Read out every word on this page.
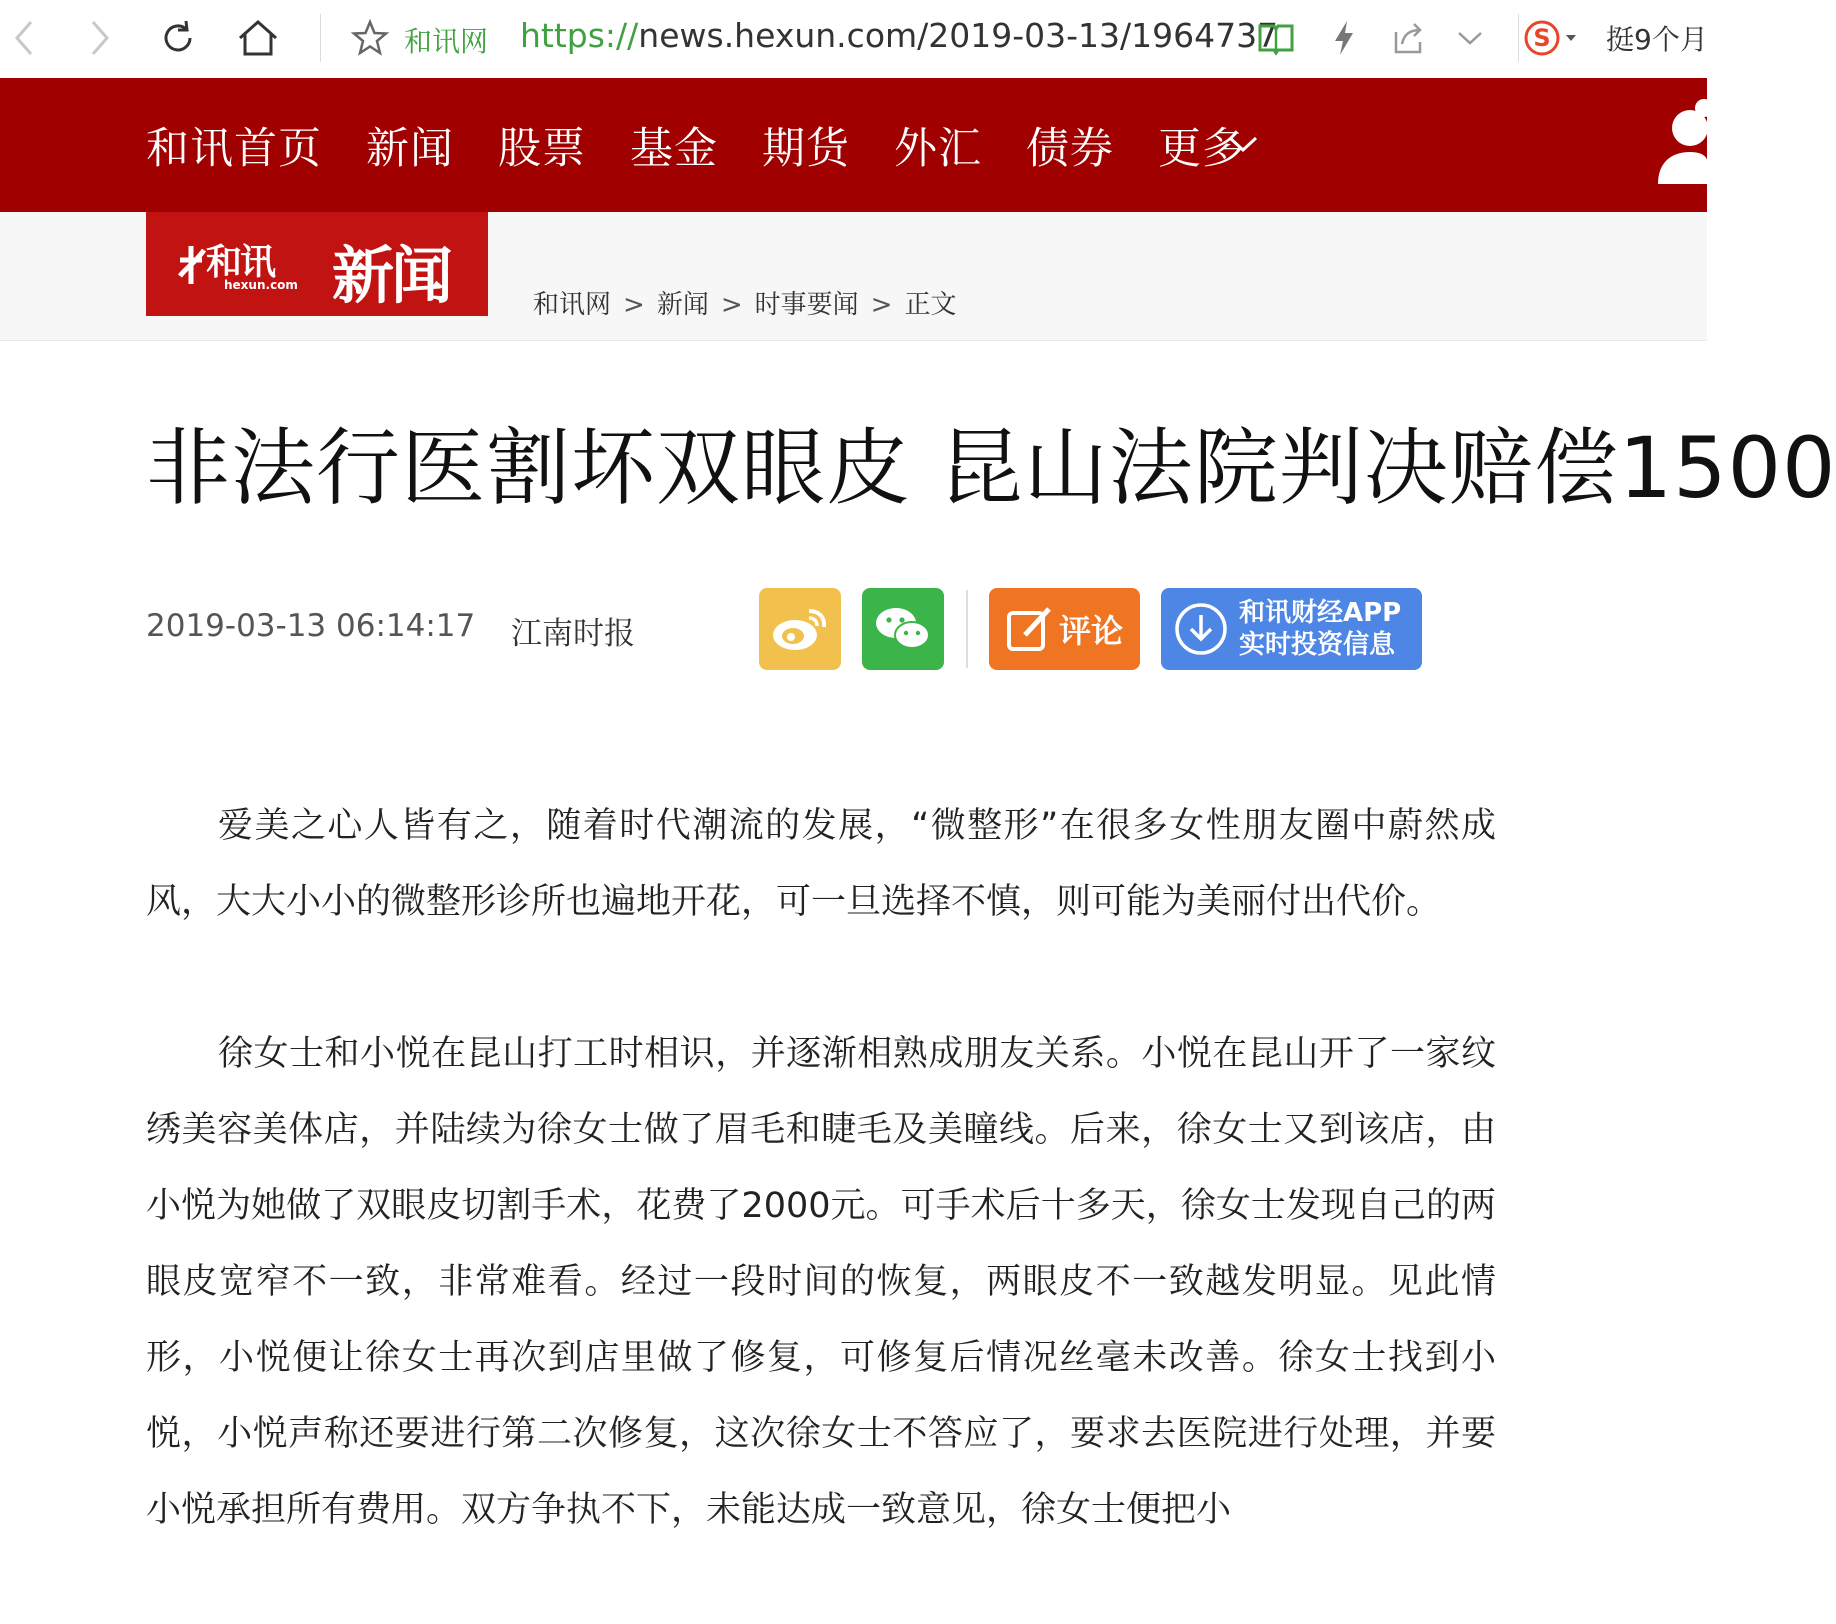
和讯网 https://news.hexun.com/2019-03-13/1964737	S 挺9个月
和讯首页 新闻 股票 基金 期货 外汇 债券 更多
和讯
hexun.com 新闻	和讯网 > 新闻 > 时事要闻 > 正文
非法行医割坏双眼皮 昆山法院判决赔偿1500
2019-03-13 06:14:17 江南时报	评论	和讯财经APP
实时投资信息

爱美之心人皆有之，随着时代潮流的发展，“微整形”在很多女性朋友圈中蔚然成风，大大小小的微整形诊所也遍地开花，可一旦选择不慎，则可能为美丽付出代价。

徐女士和小悦在昆山打工时相识，并逐渐相熟成朋友关系。小悦在昆山开了一家纹绣美容美体店，并陆续为徐女士做了眉毛和睫毛及美瞳线。后来，徐女士又到该店，由小悦为她做了双眼皮切割手术，花费了2000元。可手术后十多天，徐女士发现自己的两眼皮宽窄不一致，非常难看。经过一段时间的恢复，两眼皮不一致越发明显。见此情形，小悦便让徐女士再次到店里做了修复，可修复后情况丝毫未改善。徐女士找到小悦，小悦声称还要进行第二次修复，这次徐女士不答应了，要求去医院进行处理，并要小悦承担所有费用。双方争执不下，未能达成一致意见，徐女士便把小
